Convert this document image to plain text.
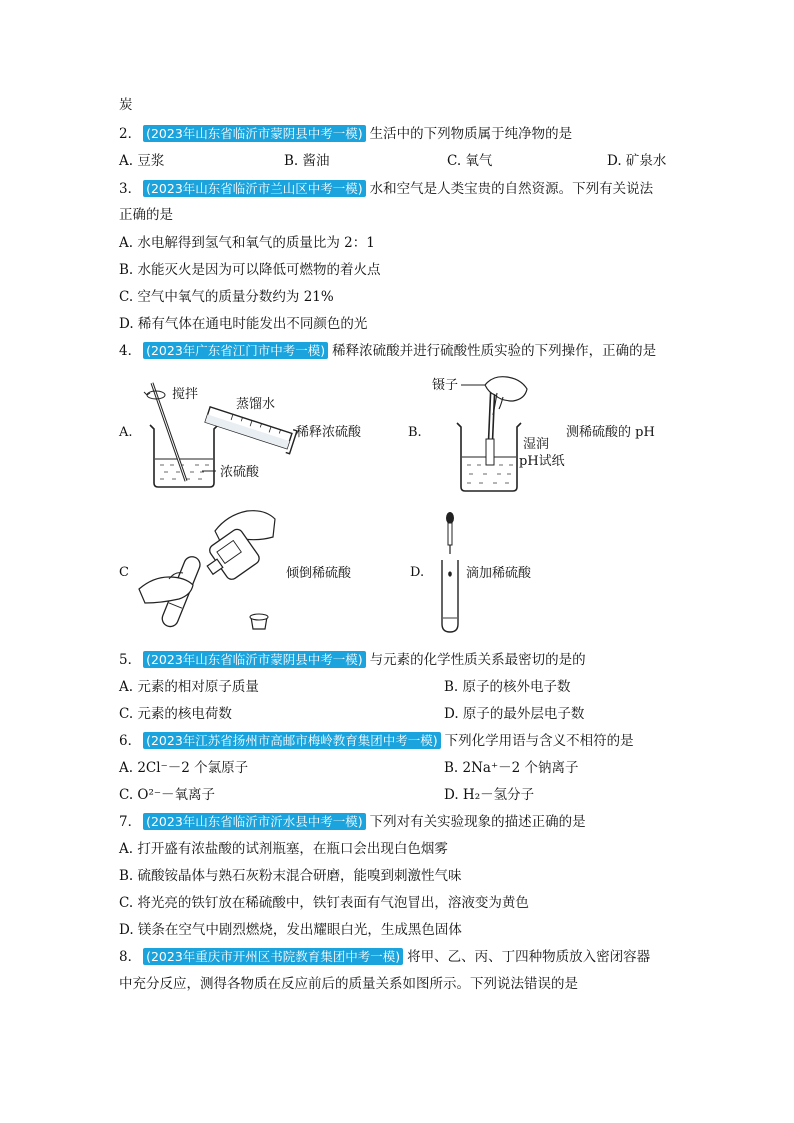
炭
2． (2023年山东省临沂市蒙阴县中考一模) 生活中的下列物质属于纯净物的是
A. 豆浆	B. 酱油	C. 氧气	D. 矿泉水
3． (2023年山东省临沂市兰山区中考一模) 水和空气是人类宝贵的自然资源。下列有关说法
正确的是
A. 水电解得到氢气和氧气的质量比为 2：1
B. 水能灭火是因为可以降低可燃物的着火点
C. 空气中氧气的质量分数约为 21%
D. 稀有气体在通电时能发出不同颜色的光
4． (2023年广东省江门市中考一模) 稀释浓硫酸并进行硫酸性质实验的下列操作，正确的是
A.
搅拌
蒸馏水
浓硫酸
稀释浓硫酸	B.
镊子
湿润
pH试纸
测稀硫酸的 pH
C	倾倒稀硫酸	D.	滴加稀硫酸
5． (2023年山东省临沂市蒙阴县中考一模) 与元素的化学性质关系最密切的是的
A. 元素的相对原子质量	B. 原子的核外电子数
C. 元素的核电荷数	D. 原子的最外层电子数
6． (2023年江苏省扬州市高邮市梅岭教育集团中考一模) 下列化学用语与含义不相符的是
A. 2Cl⁻－2 个氯原子	B. 2Na⁺－2 个钠离子
C. O²⁻－氧离子	D. H₂－氢分子
7． (2023年山东省临沂市沂水县中考一模) 下列对有关实验现象的描述正确的是
A. 打开盛有浓盐酸的试剂瓶塞，在瓶口会出现白色烟雾
B. 硫酸铵晶体与熟石灰粉末混合研磨，能嗅到刺激性气味
C. 将光亮的铁钉放在稀硫酸中，铁钉表面有气泡冒出，溶液变为黄色
D. 镁条在空气中剧烈燃烧，发出耀眼白光，生成黑色固体
8． (2023年重庆市开州区书院教育集团中考一模) 将甲、乙、丙、丁四种物质放入密闭容器
中充分反应，测得各物质在反应前后的质量关系如图所示。下列说法错误的是
